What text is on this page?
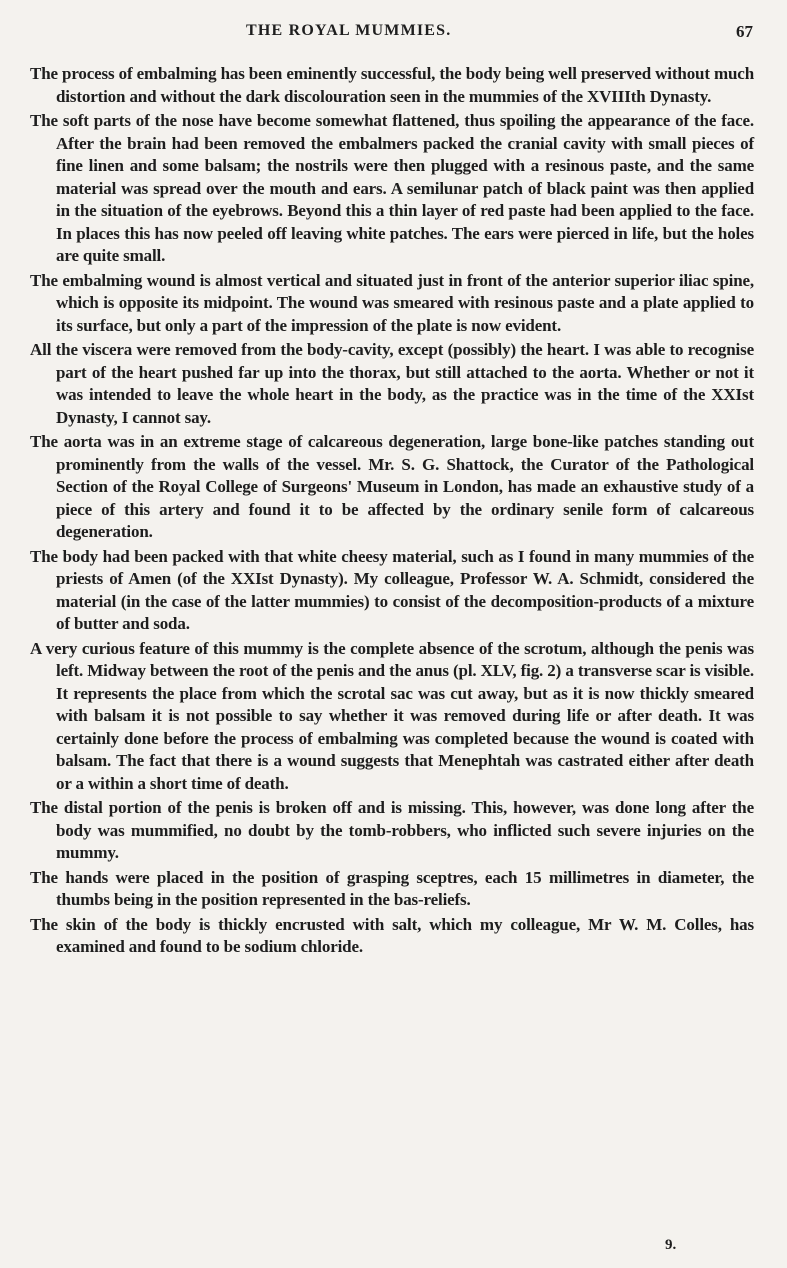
THE ROYAL MUMMIES.	67

The process of embalming has been eminently successful, the body being well preserved without much distortion and without the dark discolouration seen in the mummies of the XVIIIth Dynasty.

The soft parts of the nose have become somewhat flattened, thus spoiling the appearance of the face. After the brain had been removed the embalmers packed the cranial cavity with small pieces of fine linen and some balsam; the nostrils were then plugged with a resinous paste, and the same material was spread over the mouth and ears. A semilunar patch of black paint was then applied in the situation of the eyebrows. Beyond this a thin layer of red paste had been applied to the face. In places this has now peeled off leaving white patches. The ears were pierced in life, but the holes are quite small.

The embalming wound is almost vertical and situated just in front of the anterior superior iliac spine, which is opposite its midpoint. The wound was smeared with resinous paste and a plate applied to its surface, but only a part of the impression of the plate is now evident.

All the viscera were removed from the body-cavity, except (possibly) the heart. I was able to recognise part of the heart pushed far up into the thorax, but still attached to the aorta. Whether or not it was intended to leave the whole heart in the body, as the practice was in the time of the XXIst Dynasty, I cannot say.

The aorta was in an extreme stage of calcareous degeneration, large bone-like patches standing out prominently from the walls of the vessel. Mr. S. G. Shattock, the Curator of the Pathological Section of the Royal College of Surgeons' Museum in London, has made an exhaustive study of a piece of this artery and found it to be affected by the ordinary senile form of calcareous degeneration.

The body had been packed with that white cheesy material, such as I found in many mummies of the priests of Amen (of the XXIst Dynasty). My colleague, Professor W. A. Schmidt, considered the material (in the case of the latter mummies) to consist of the decomposition-products of a mixture of butter and soda.

A very curious feature of this mummy is the complete absence of the scrotum, although the penis was left. Midway between the root of the penis and the anus (pl. XLV, fig. 2) a transverse scar is visible. It represents the place from which the scrotal sac was cut away, but as it is now thickly smeared with balsam it is not possible to say whether it was removed during life or after death. It was certainly done before the process of embalming was completed because the wound is coated with balsam. The fact that there is a wound suggests that Menephtah was castrated either after death or a within a short time of death.

The distal portion of the penis is broken off and is missing. This, however, was done long after the body was mummified, no doubt by the tomb-robbers, who inflicted such severe injuries on the mummy.

The hands were placed in the position of grasping sceptres, each 15 millimetres in diameter, the thumbs being in the position represented in the bas-reliefs.

The skin of the body is thickly encrusted with salt, which my colleague, Mr W. M. Colles, has examined and found to be sodium chloride.

9.
